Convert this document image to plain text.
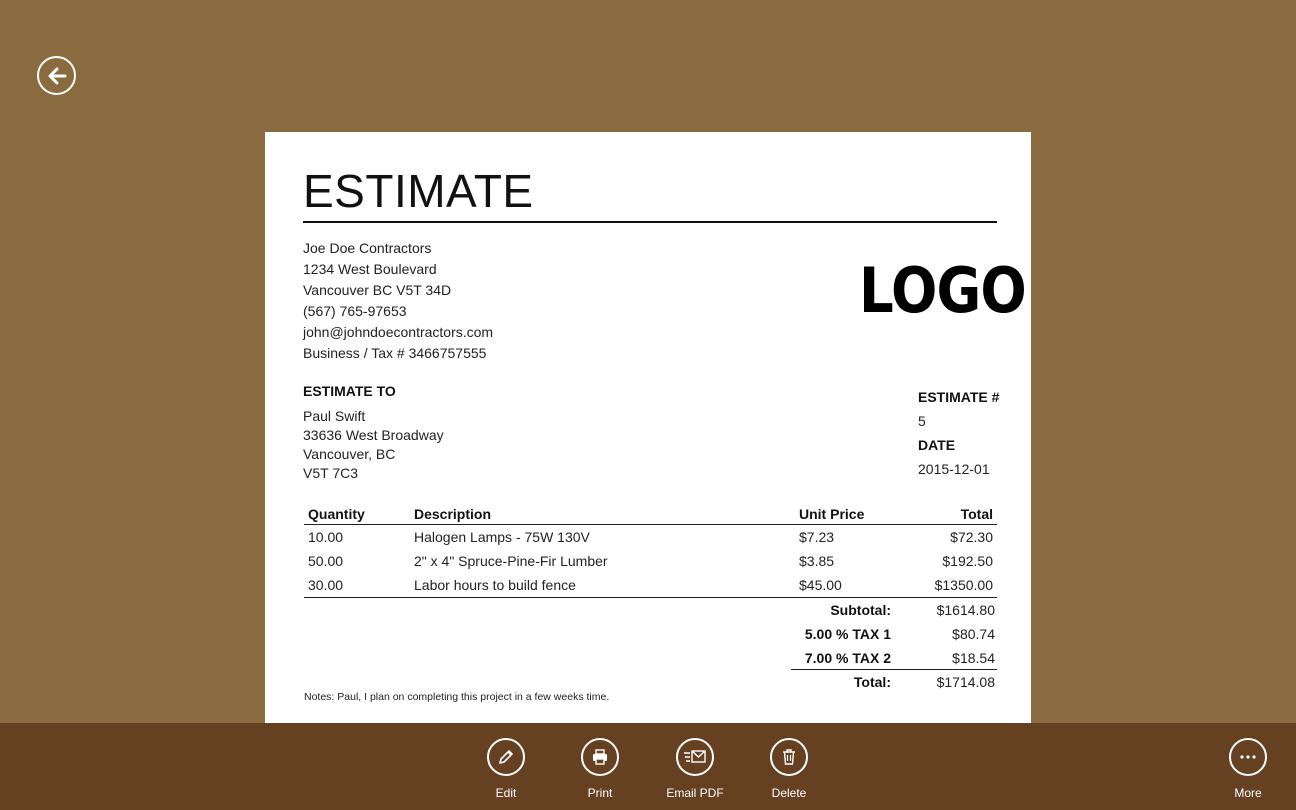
ESTIMATE
Joe Doe Contractors
1234 West Boulevard
Vancouver BC V5T 34D
(567) 765-97653
john@johndoecontractors.com
Business / Tax # 3466757555
LOGO
ESTIMATE TO
Paul Swift
33636 West Broadway
Vancouver, BC
V5T 7C3
ESTIMATE #
5
DATE
2015-12-01
Quantity	Description	Unit Price	Total
10.00	Halogen Lamps - 75W 130V	$7.23	$72.30
50.00	2" x 4" Spruce-Pine-Fir Lumber	$3.85	$192.50
30.00	Labor hours to build fence	$45.00	$1350.00
Subtotal:	$1614.80
5.00 % TAX 1	$80.74
7.00 % TAX 2	$18.54
Total:	$1714.08
Notes: Paul, I plan on completing this project in a few weeks time.
Edit	Print	Email PDF	Delete	More
